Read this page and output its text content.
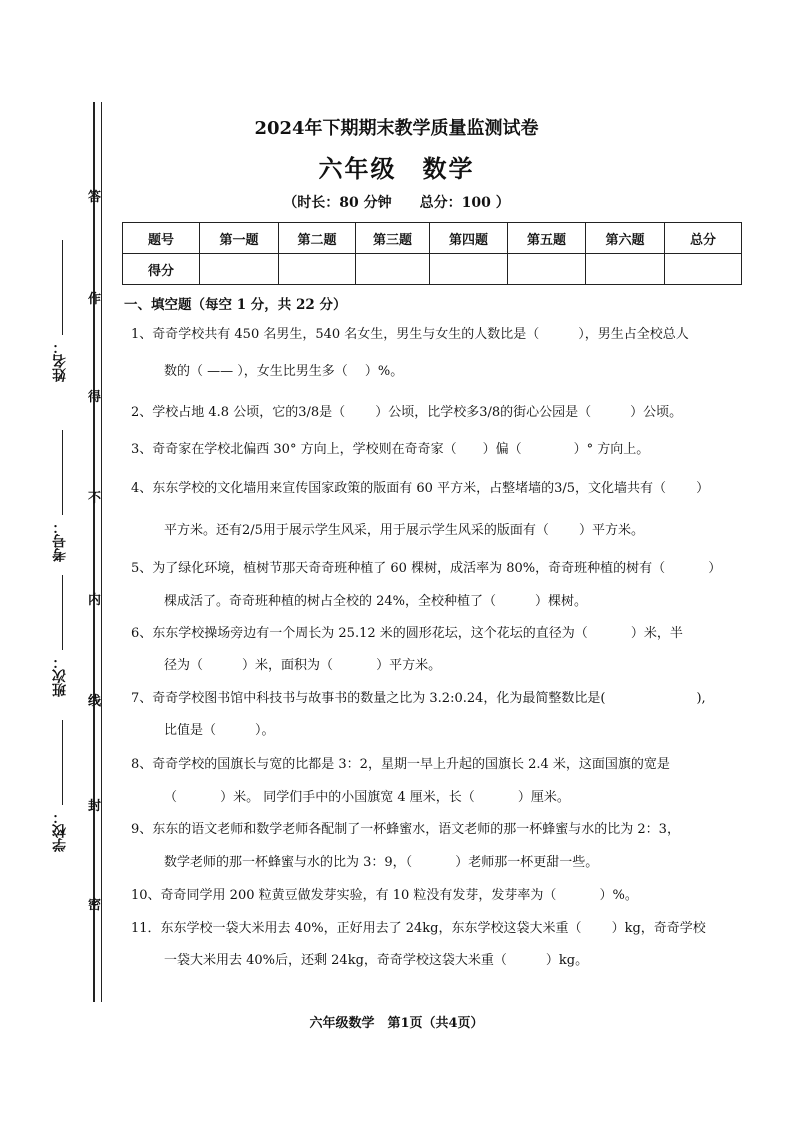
答
作
得
不
内
线
封
密
姓名：
考号：
班次：
学校：
2024年下期期末教学质量监测试卷
六年级　数学
（时长：80 分钟　　总分：100 ）
题号	第一题	第二题	第三题	第四题	第五题	第六题	总分
得分							
一、填空题（每空 1 分，共 22 分）
1、奇奇学校共有 450 名男生，540 名女生，男生与女生的人数比是（　　　），男生占全校总人
数的（ —— ），女生比男生多（　 ）%。
2、学校占地 4.8 公顷，它的3/8是（　　 ）公顷，比学校多3/8的街心公园是（　　　）公顷。
3、奇奇家在学校北偏西 30° 方向上，学校则在奇奇家（　　）偏（　　　　）° 方向上。
4、东东学校的文化墙用来宣传国家政策的版面有 60 平方米，占整堵墙的3/5，文化墙共有（　　 ）
平方米。还有2/5用于展示学生风采，用于展示学生风采的版面有（　　 ）平方米。
5、为了绿化环境，植树节那天奇奇班种植了 60 棵树，成活率为 80%，奇奇班种植的树有（　　　 ）
棵成活了。奇奇班种植的树占全校的 24%，全校种植了（　　　）棵树。
6、东东学校操场旁边有一个周长为 25.12 米的圆形花坛，这个花坛的直径为（　　　 ）米，半
径为（　　　）米，面积为（　　　 ）平方米。
7、奇奇学校图书馆中科技书与故事书的数量之比为 3.2:0.24，化为最简整数比是(　　　　　　　),
比值是（　　　）。
8、奇奇学校的国旗长与宽的比都是 3：2，星期一早上升起的国旗长 2.4 米，这面国旗的宽是
（　　　 ）米。 同学们手中的小国旗宽 4 厘米，长（　　　 ）厘米。
9、东东的语文老师和数学老师各配制了一杯蜂蜜水，语文老师的那一杯蜂蜜与水的比为 2：3，
数学老师的那一杯蜂蜜与水的比为 3：9，（　　　 ）老师那一杯更甜一些。
10、奇奇同学用 200 粒黄豆做发芽实验，有 10 粒没有发芽，发芽率为（　　　 ）%。
11．东东学校一袋大米用去 40%，正好用去了 24kg，东东学校这袋大米重（　　 ）kg，奇奇学校
一袋大米用去 40%后，还剩 24kg，奇奇学校这袋大米重（　　　）kg。
六年级数学　第1页（共4页）
